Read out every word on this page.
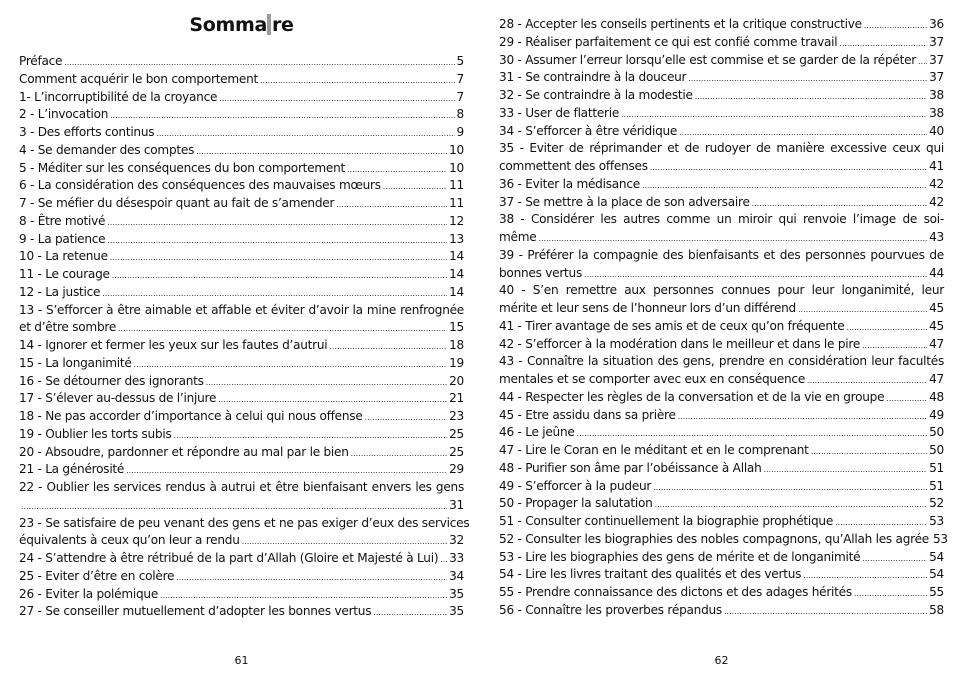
Somma re
Préface .....	5
Comment acquérir le bon comportement .....	7
1- L’incorruptibilité de la croyance .....	7
2 - L’invocation .....	8
3 - Des efforts continus .....	9
4 - Se demander des comptes .....	10
5 - Méditer sur les conséquences du bon comportement .....	10
6 - La considération des conséquences des mauvaises mœurs .....	11
7 - Se méfier du désespoir quant au fait de s’amender .....	11
8 - Être motivé .....	12
9 - La patience .....	13
10 - La retenue .....	14
11 - Le courage .....	14
12 - La justice .....	14
13 - S’efforcer à être aimable et affable et éviter d’avoir la mine renfrognée
et d’être sombre .....	15
14 - Ignorer et fermer les yeux sur les fautes d’autrui .....	18
15 - La longanimité .....	19
16 - Se détourner des ignorants .....	20
17 - S’élever au-dessus de l’injure .....	21
18 - Ne pas accorder d’importance à celui qui nous offense .....	23
19 - Oublier les torts subis .....	25
20 - Absoudre, pardonner et répondre au mal par le bien .....	25
21 - La générosité .....	29
22 - Oublier les services rendus à autrui et être bienfaisant envers les gens
.....
31
23 - Se satisfaire de peu venant des gens et ne pas exiger d’eux des services
équivalents à ceux qu’on leur a rendu .....	32
24 - S’attendre à être rétribué de la part d’Allah (Gloire et Majesté à Lui) ..... 33
25 - Eviter d’être en colère .....	34
26 - Eviter la polémique .....	35
27 - Se conseiller mutuellement d’adopter les bonnes vertus .....	35
61
28 - Accepter les conseils pertinents et la critique constructive .....	36
29 - Réaliser parfaitement ce qui est confié comme travail .....	37
30 - Assumer l’erreur lorsqu’elle est commise et se garder de la répéter ..... 37
31 - Se contraindre à la douceur .....	37
32 - Se contraindre à la modestie .....	38
33 - User de flatterie .....	38
34 - S’efforcer à être véridique .....	40
35 - Eviter de réprimander et de rudoyer de manière excessive ceux qui
commettent des offenses .....	41
36 - Eviter la médisance .....	42
37 - Se mettre à la place de son adversaire .....	42
38 - Considérer les autres comme un miroir qui renvoie l’image de soi-
même .....	43
39 - Préférer la compagnie des bienfaisants et des personnes pourvues de
bonnes vertus .....	44
40 - S’en remettre aux personnes connues pour leur longanimité, leur
mérite et leur sens de l’honneur lors d’un différend .....	45
41 - Tirer avantage de ses amis et de ceux qu’on fréquente .....	45
42 - S’efforcer à la modération dans le meilleur et dans le pire .....	47
43 - Connaître la situation des gens, prendre en considération leur facultés
mentales et se comporter avec eux en conséquence .....	47
44 - Respecter les règles de la conversation et de la vie en groupe .....	48
45 - Etre assidu dans sa prière .....	49
46 - Le jeûne .....	50
47 - Lire le Coran en le méditant et en le comprenant .....	50
48 - Purifier son âme par l’obéissance à Allah .....	51
49 - S’efforcer à la pudeur .....	51
50 - Propager la salutation .....	52
51 - Consulter continuellement la biographie prophétique .....	53
52 - Consulter les biographies des nobles compagnons, qu’Allah les agrée 53
53 - Lire les biographies des gens de mérite et de longanimité .....	54
54 - Lire les livres traitant des qualités et des vertus .....	54
55 - Prendre connaissance des dictons et des adages hérités .....	55
56 - Connaître les proverbes répandus .....	58
62
